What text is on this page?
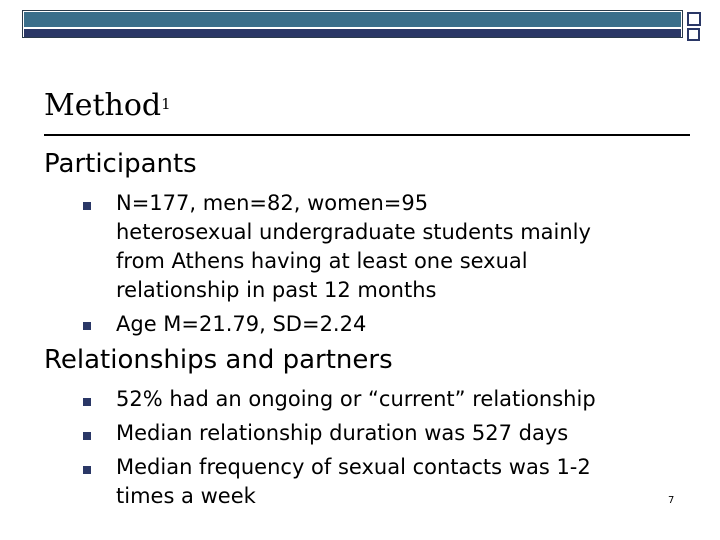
Method$^1$
Participants
N=177, men=82, women=95
heterosexual undergraduate students mainly
from Athens having at least one sexual
relationship in past 12 months
Age M=21.79, SD=2.24
Relationships and partners
52% had an ongoing or “current” relationship
Median relationship duration was 527 days
Median frequency of sexual contacts was 1-2
times a week	7
